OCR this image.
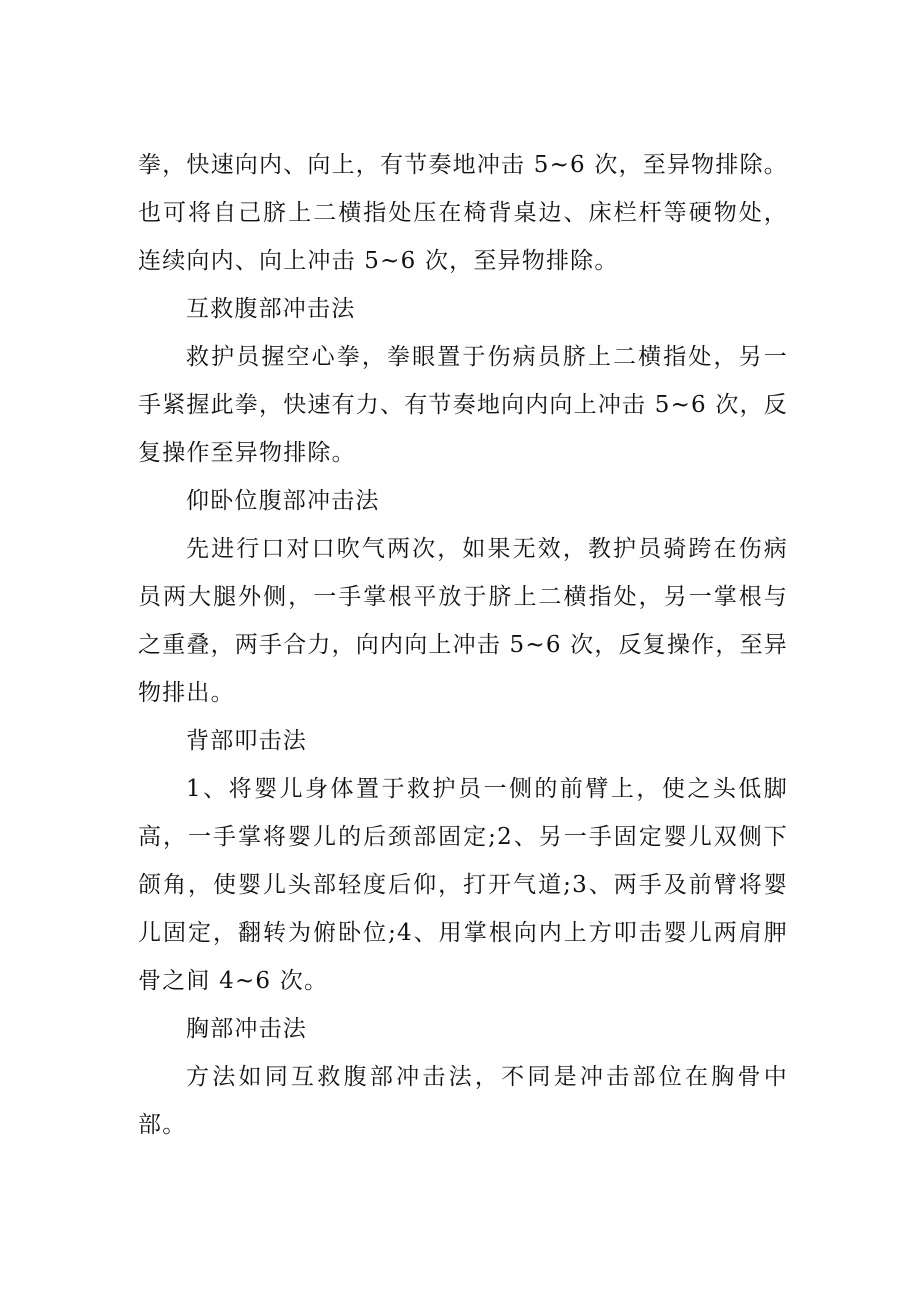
拳，快速向内、向上，有节奏地冲击 5~6 次，至异物排除。也可将自己脐上二横指处压在椅背桌边、床栏杆等硬物处，连续向内、向上冲击 5~6 次，至异物排除。

互救腹部冲击法

救护员握空心拳，拳眼置于伤病员脐上二横指处，另一手紧握此拳，快速有力、有节奏地向内向上冲击 5~6 次，反复操作至异物排除。

仰卧位腹部冲击法

先进行口对口吹气两次，如果无效，教护员骑跨在伤病员两大腿外侧，一手掌根平放于脐上二横指处，另一掌根与之重叠，两手合力，向内向上冲击 5~6 次，反复操作，至异物排出。

背部叩击法

1、将婴儿身体置于救护员一侧的前臂上，使之头低脚高，一手掌将婴儿的后颈部固定;2、另一手固定婴儿双侧下颌角，使婴儿头部轻度后仰，打开气道;3、两手及前臂将婴儿固定，翻转为俯卧位;4、用掌根向内上方叩击婴儿两肩胛骨之间 4~6 次。

胸部冲击法

方法如同互救腹部冲击法，不同是冲击部位在胸骨中部。
